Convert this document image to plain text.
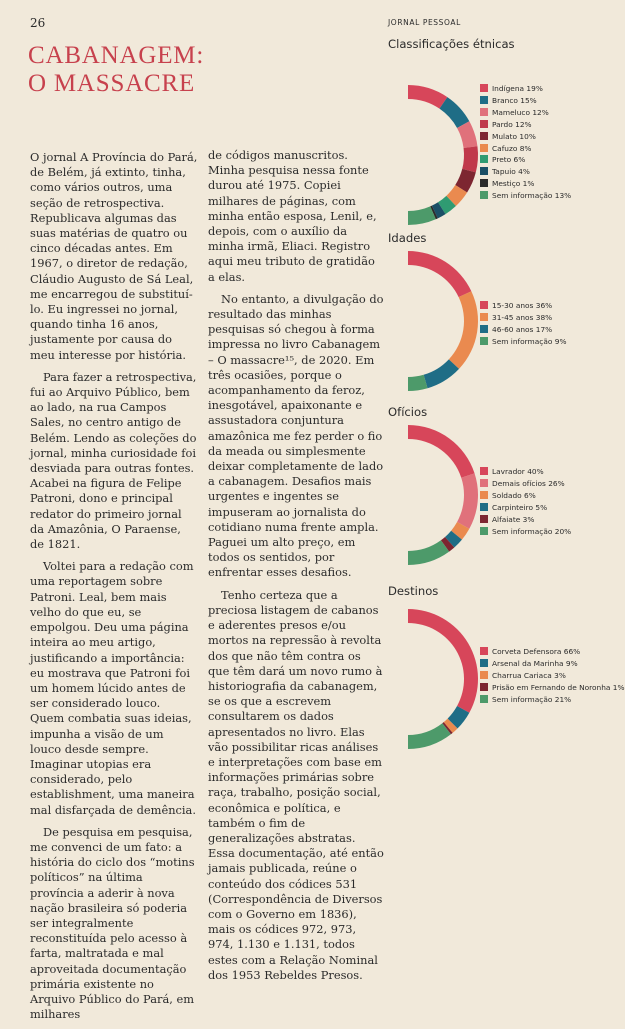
26	JORNAL PESSOAL
CABANAGEM:
O MASSACRE

O jornal A Província do Pará, de Belém, já extinto, tinha, como vários outros, uma seção de retrospectiva. Republicava algumas das suas matérias de quatro ou cinco décadas antes. Em 1967, o diretor de redação, Cláudio Augusto de Sá Leal, me encarregou de substituí-lo. Eu ingressei no jornal, quando tinha 16 anos, justamente por causa do meu interesse por história.

Para fazer a retrospectiva, fui ao Arquivo Público, bem ao lado, na rua Campos Sales, no centro antigo de Belém. Lendo as coleções do jornal, minha curiosidade foi desviada para outras fontes. Acabei na figura de Felipe Patroni, dono e principal redator do primeiro jornal da Amazônia, O Paraense, de 1821.

Voltei para a redação com uma reportagem sobre Patroni. Leal, bem mais velho do que eu, se empolgou. Deu uma página inteira ao meu artigo, justificando a importância: eu mostrava que Patroni foi um homem lúcido antes de ser considerado louco. Quem combatia suas ideias, impunha a visão de um louco desde sempre. Imaginar utopias era considerado, pelo establishment, uma maneira mal disfarçada de demência.

De pesquisa em pesquisa, me convenci de um fato: a história do ciclo dos “motins políticos” na última província a aderir à nova nação brasileira só poderia ser integralmente reconstituída pelo acesso à farta, maltratada e mal aproveitada documentação primária existente no Arquivo Público do Pará, em milhares

de códigos manuscritos. Minha pesquisa nessa fonte durou até 1975. Copiei milhares de páginas, com minha então esposa, Lenil, e, depois, com o auxílio da minha irmã, Eliaci. Registro aqui meu tributo de gratidão a elas.

No entanto, a divulgação do resultado das minhas pesquisas só chegou à forma impressa no livro Cabanagem – O massacre¹⁵, de 2020. Em três ocasiões, porque o acompanhamento da feroz, inesgotável, apaixonante e assustadora conjuntura amazônica me fez perder o fio da meada ou simplesmente deixar completamente de lado a cabanagem. Desafios mais urgentes e ingentes se impuseram ao jornalista do cotidiano numa frente ampla. Paguei um alto preço, em todos os sentidos, por enfrentar esses desafios.

Tenho certeza que a preciosa listagem de cabanos e aderentes presos e/ou mortos na repressão à revolta dos que não têm contra os que têm dará um novo rumo à historiografia da cabanagem, se os que a escrevem consultarem os dados apresentados no livro. Elas vão possibilitar ricas análises e interpretações com base em informações primárias sobre raça, trabalho, posição social, econômica e política, e também o fim de generalizações abstratas. Essa documentação, até então jamais publicada, reúne o conteúdo dos códices 531 (Correspondência de Diversos com o Governo em 1836), mais os códices 972, 973, 974, 1.130 e 1.131, todos estes com a Relação Nominal dos 1953 Rebeldes Presos.

Classificações étnicas
Indígena 19%
Branco 15%
Mameluco 12%
Pardo 12%
Mulato 10%
Cafuzo 8%
Preto 6%
Tapuio 4%
Mestiço 1%
Sem informação 13%
Idades
15-30 anos 36%
31-45 anos 38%
46-60 anos 17%
Sem informação 9%
Ofícios
Lavrador 40%
Demais ofícios 26%
Soldado 6%
Carpinteiro 5%
Alfaiate 3%
Sem informação 20%
Destinos
Corveta Defensora 66%
Arsenal da Marinha 9%
Charrua Cariaca 3%
Prisão em Fernando de Noronha 1%
Sem informação 21%
